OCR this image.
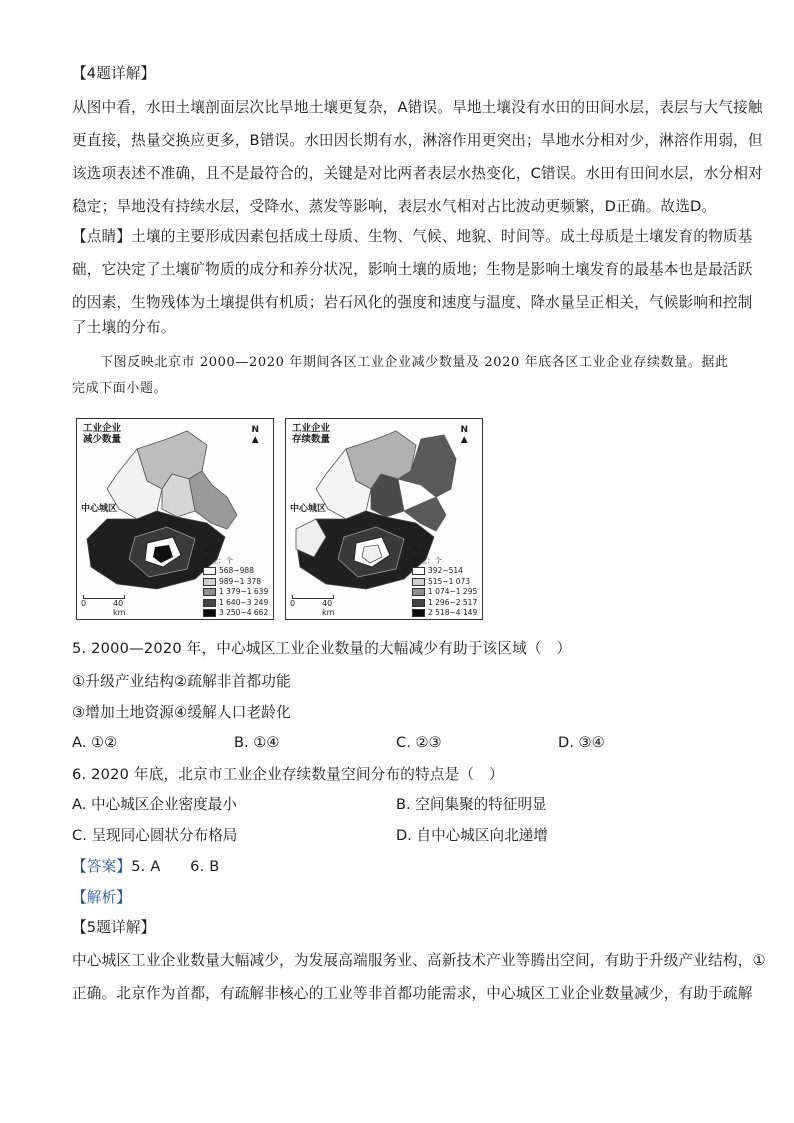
【4题详解】
从图中看，水田土壤剖面层次比旱地土壤更复杂，A错误。旱地土壤没有水田的田间水层，表层与大气接触
更直接，热量交换应更多，B错误。水田因长期有水，淋溶作用更突出；旱地水分相对少，淋溶作用弱，但
该选项表述不准确，且不是最符合的，关键是对比两者表层水热变化，C错误。水田有田间水层，水分相对
稳定；旱地没有持续水层，受降水、蒸发等影响，表层水气相对占比波动更频繁，D正确。故选D。
【点睛】土壤的主要形成因素包括成土母质、生物、气候、地貌、时间等。成土母质是土壤发育的物质基
础，它决定了土壤矿物质的成分和养分状况，影响土壤的质地；生物是影响土壤发育的最基本也是最活跃
的因素，生物残体为土壤提供有机质；岩石风化的强度和速度与温度、降水量呈正相关，气候影响和控制
了土壤的分布。
下图反映北京市 2000—2020 年期间各区工业企业减少数量及 2020 年底各区工业企业存续数量。据此
完成下面小题。
工业企业
减少数量
N
▲
中心城区
图例
单位：个
568~988
989~1 378
1 379~1 639
1 640~3 249
3 250~4 662
0	40 km
工业企业
存续数量
N
▲
中心城区
图例
单位：个
392~514
515~1 073
1 074~1 295
1 296~2 517
2 518~4 149
0	40 km
5. 2000—2020 年，中心城区工业企业数量的大幅减少有助于该区域（　）
①升级产业结构②疏解非首都功能
③增加土地资源④缓解人口老龄化
A. ①②	B. ①④	C. ②③	D. ③④
6. 2020 年底，北京市工业企业存续数量空间分布的特点是（　）
A. 中心城区企业密度最小	B. 空间集聚的特征明显
C. 呈现同心圆状分布格局	D. 自中心城区向北递增
【答案】5. A　　6. B
【解析】
【5题详解】
中心城区工业企业数量大幅减少，为发展高端服务业、高新技术产业等腾出空间，有助于升级产业结构，①
正确。北京作为首都，有疏解非核心的工业等非首都功能需求，中心城区工业企业数量减少，有助于疏解
